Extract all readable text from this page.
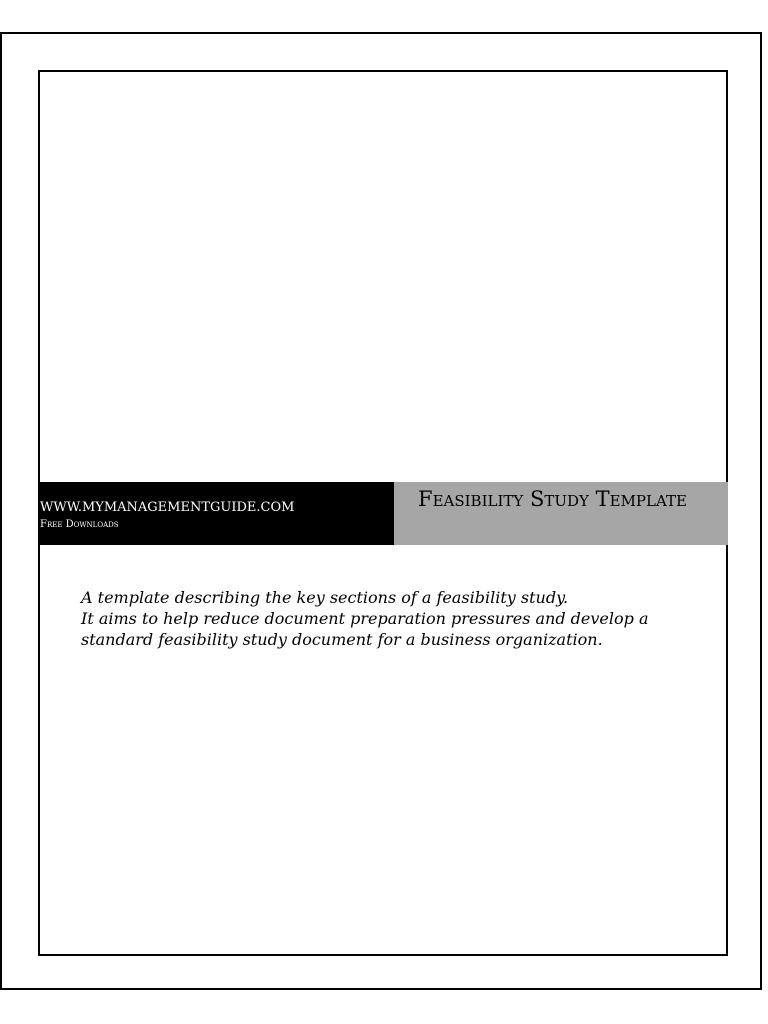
WWW.MYMANAGEMENTGUIDE.COM
Free Downloads
Feasibility Study Template
A template describing the key sections of a feasibility study.
It aims to help reduce document preparation pressures and develop a
standard feasibility study document for a business organization.
